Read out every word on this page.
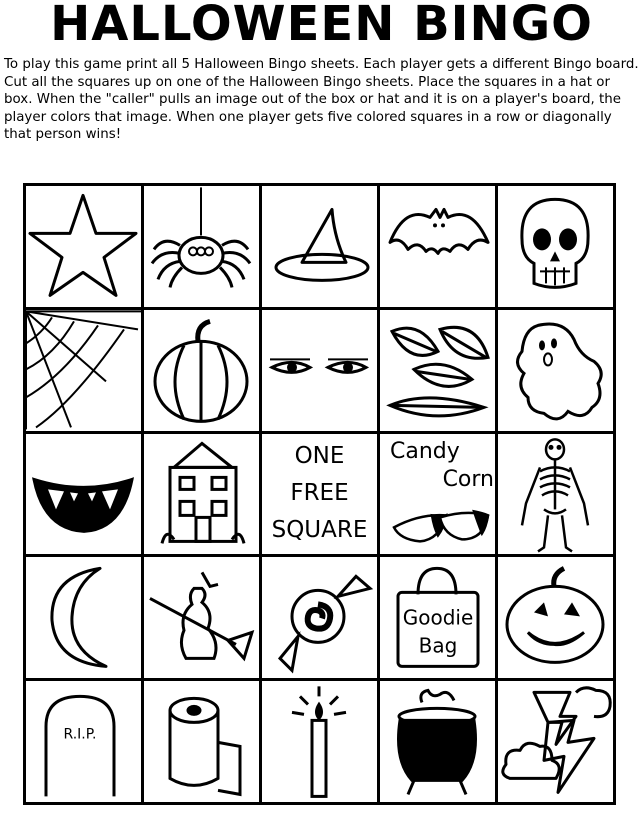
HALLOWEEN BINGO

To play this game print all 5 Halloween Bingo sheets. Each player gets a different Bingo board. Cut all the squares up on one of the Halloween Bingo sheets. Place the squares in a hat or box. When the "caller" pulls an image out of the box or hat and it is on a player's board, the player colors that image. When one player gets five colored squares in a row or diagonally that person wins!

ONE
FREE
SQUARE
Candy
Corn
Goodie
Bag
R.I.P.
